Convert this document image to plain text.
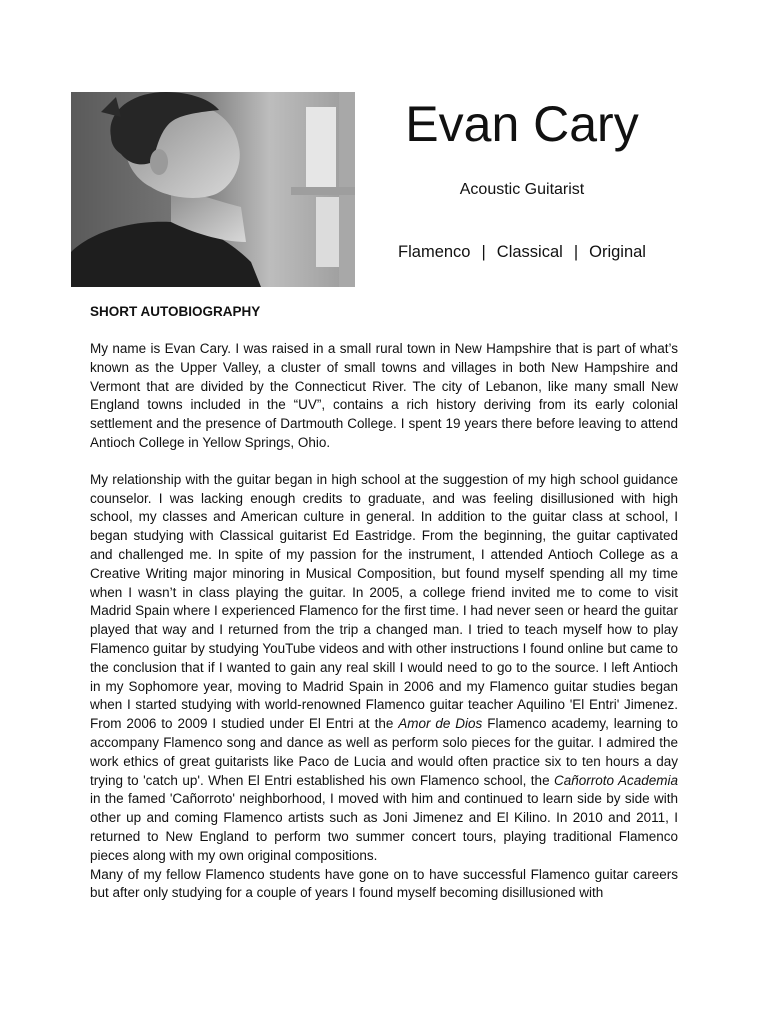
Evan Cary
Acoustic Guitarist
Flamenco | Classical | Original
SHORT AUTOBIOGRAPHY

My name is Evan Cary. I was raised in a small rural town in New Hampshire that is part of what’s known as the Upper Valley, a cluster of small towns and villages in both New Hampshire and Vermont that are divided by the Connecticut River. The city of Lebanon, like many small New England towns included in the “UV”, contains a rich history deriving from its early colonial settlement and the presence of Dartmouth College. I spent 19 years there before leaving to attend Antioch College in Yellow Springs, Ohio.

My relationship with the guitar began in high school at the suggestion of my high school guidance counselor. I was lacking enough credits to graduate, and was feeling disillusioned with high school, my classes and American culture in general. In addition to the guitar class at school, I began studying with Classical guitarist Ed Eastridge. From the beginning, the guitar captivated and challenged me. In spite of my passion for the instrument, I attended Antioch College as a Creative Writing major minoring in Musical Composition, but found myself spending all my time when I wasn’t in class playing the guitar. In 2005, a college friend invited me to come to visit Madrid Spain where I experienced Flamenco for the first time. I had never seen or heard the guitar played that way and I returned from the trip a changed man. I tried to teach myself how to play Flamenco guitar by studying YouTube videos and with other instructions I found online but came to the conclusion that if I wanted to gain any real skill I would need to go to the source. I left Antioch in my Sophomore year, moving to Madrid Spain in 2006 and my Flamenco guitar studies began when I started studying with world-renowned Flamenco guitar teacher Aquilino 'El Entri' Jimenez. From 2006 to 2009 I studied under El Entri at the Amor de Dios Flamenco academy, learning to accompany Flamenco song and dance as well as perform solo pieces for the guitar. I admired the work ethics of great guitarists like Paco de Lucia and would often practice six to ten hours a day trying to 'catch up'. When El Entri established his own Flamenco school, the Cañorroto Academia in the famed 'Cañorroto' neighborhood, I moved with him and continued to learn side by side with other up and coming Flamenco artists such as Joni Jimenez and El Kilino. In 2010 and 2011, I returned to New England to perform two summer concert tours, playing traditional Flamenco pieces along with my own original compositions.

Many of my fellow Flamenco students have gone on to have successful Flamenco guitar careers but after only studying for a couple of years I found myself becoming disillusioned with
